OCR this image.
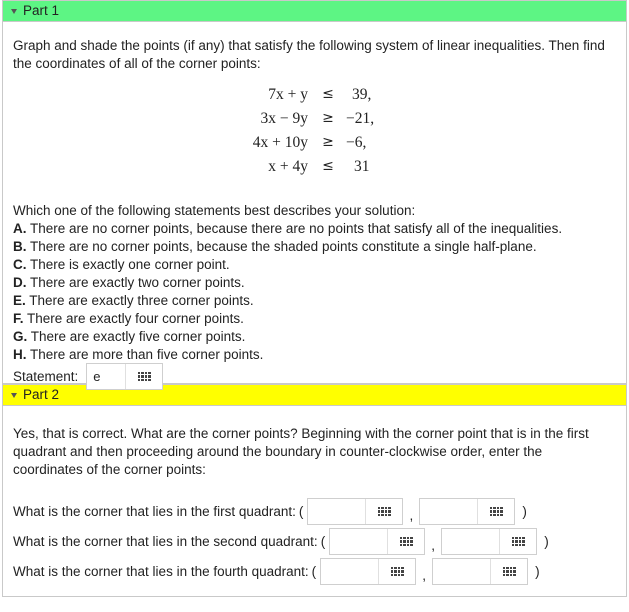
Part 1

Graph and shade the points (if any) that satisfy the following system of linear inequalities. Then find the coordinates of all of the corner points:

7x + y ≤ 39,
3x − 9y ≥ −21,
4x + 10y ≥ −6,
x + 4y ≤ 31

Which one of the following statements best describes your solution:

A. There are no corner points, because there are no points that satisfy all of the inequalities.

B. There are no corner points, because the shaded points constitute a single half-plane.

C. There is exactly one corner point.

D. There are exactly two corner points.

E. There are exactly three corner points.

F. There are exactly four corner points.

G. There are exactly five corner points.

H. There are more than five corner points.

Statement:
e
Part 2

Yes, that is correct. What are the corner points? Beginning with the corner point that is in the first quadrant and then proceeding around the boundary in counter-clockwise order, enter the coordinates of the corner points:

What is the corner that lies in the first quadrant: (	,	)
What is the corner that lies in the second quadrant: (	,	)
What is the corner that lies in the fourth quadrant: (	,	)
